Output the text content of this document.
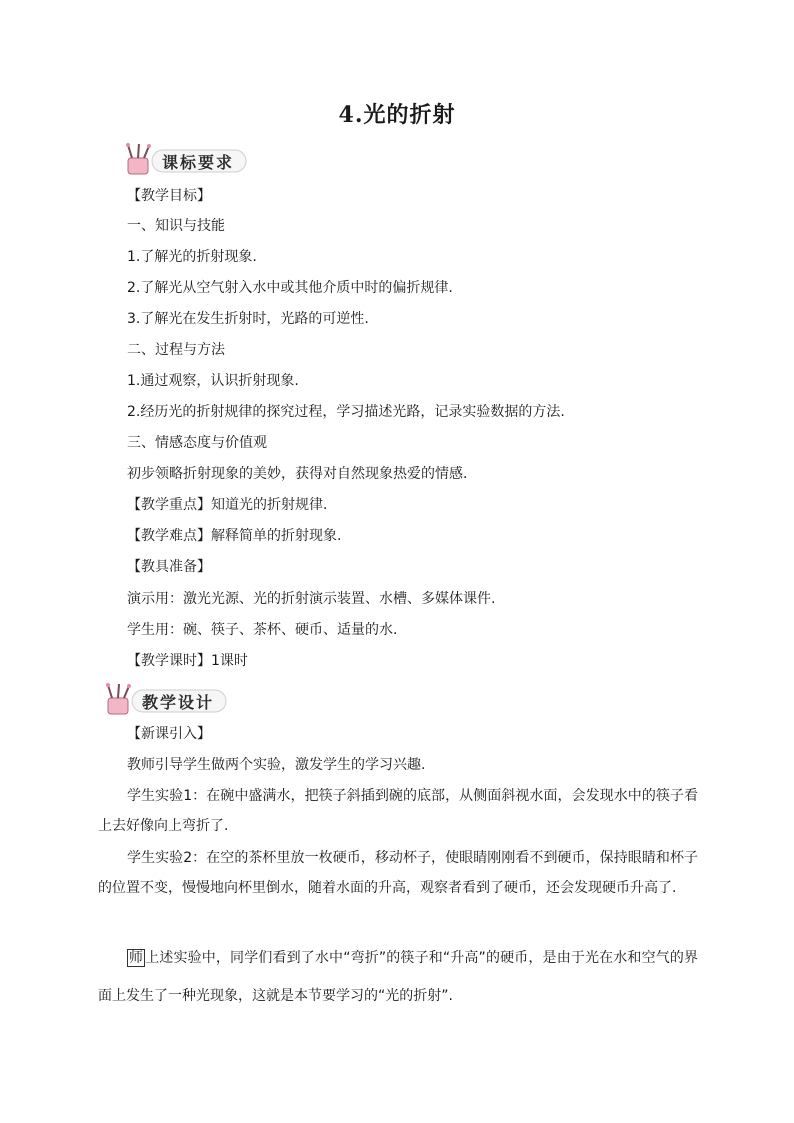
4.光的折射
课标要求
【教学目标】
一、知识与技能
1.了解光的折射现象.
2.了解光从空气射入水中或其他介质中时的偏折规律.
3.了解光在发生折射时，光路的可逆性.
二、过程与方法
1.通过观察，认识折射现象.
2.经历光的折射规律的探究过程，学习描述光路，记录实验数据的方法.
三、情感态度与价值观
初步领略折射现象的美妙，获得对自然现象热爱的情感.
【教学重点】知道光的折射规律.
【教学难点】解释简单的折射现象.
【教具准备】
演示用：激光光源、光的折射演示装置、水槽、多媒体课件.
学生用：碗、筷子、茶杯、硬币、适量的水.
【教学课时】1课时
教学设计
【新课引入】
教师引导学生做两个实验，激发学生的学习兴趣.
学生实验1：在碗中盛满水，把筷子斜插到碗的底部，从侧面斜视水面，会发现水中的筷子看上去好像向上弯折了.
学生实验2：在空的茶杯里放一枚硬币，移动杯子，使眼睛刚刚看不到硬币，保持眼睛和杯子的位置不变，慢慢地向杯里倒水，随着水面的升高，观察者看到了硬币，还会发现硬币升高了.
师 上述实验中，同学们看到了水中“弯折”的筷子和“升高”的硬币，是由于光在水和空气的界面上发生了一种光现象，这就是本节要学习的“光的折射”.
